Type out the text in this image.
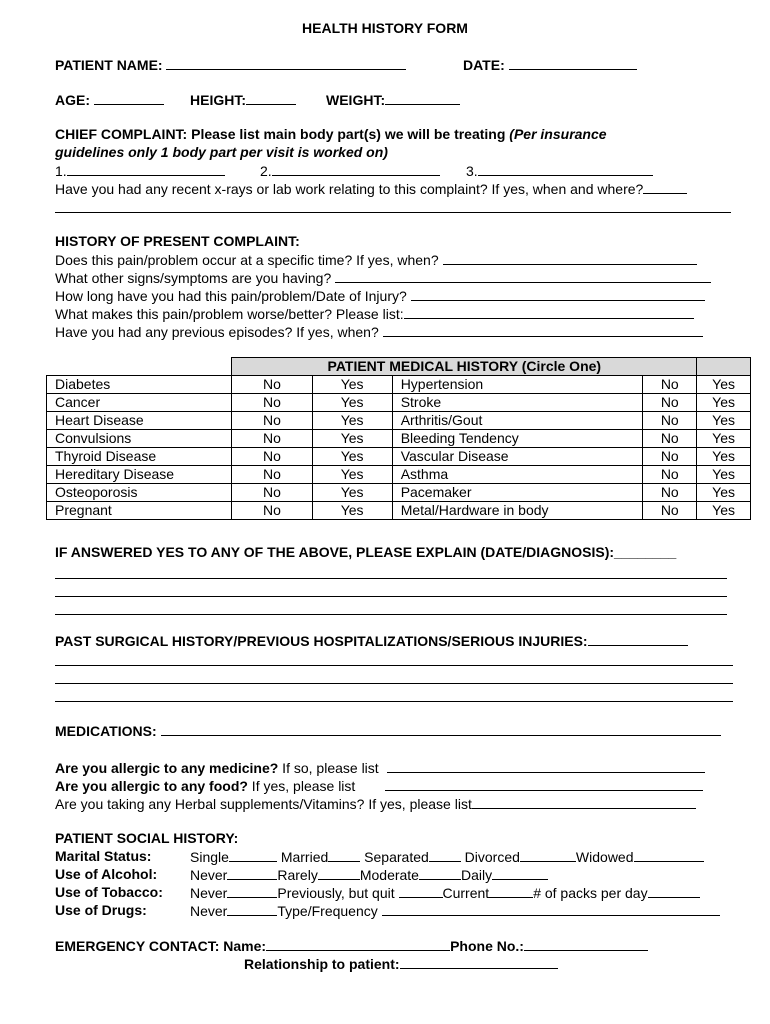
HEALTH HISTORY FORM
PATIENT NAME:	DATE:
AGE:	HEIGHT:	WEIGHT:
CHIEF COMPLAINT: Please list main body part(s) we will be treating (Per insurance
guidelines only 1 body part per visit is worked on)
1.	2.	3.
Have you had any recent x-rays or lab work relating to this complaint? If yes, when and where?
HISTORY OF PRESENT COMPLAINT:
Does this pain/problem occur at a specific time? If yes, when?
What other signs/symptoms are you having?
How long have you had this pain/problem/Date of Injury?
What makes this pain/problem worse/better? Please list:
Have you had any previous episodes? If yes, when?
	PATIENT MEDICAL HISTORY (Circle One)				
Diabetes	No	Yes	Hypertension	No	Yes
Cancer	No	Yes	Stroke	No	Yes
Heart Disease	No	Yes	Arthritis/Gout	No	Yes
Convulsions	No	Yes	Bleeding Tendency	No	Yes
Thyroid Disease	No	Yes	Vascular Disease	No	Yes
Hereditary Disease	No	Yes	Asthma	No	Yes
Osteoporosis	No	Yes	Pacemaker	No	Yes
Pregnant	No	Yes	Metal/Hardware in body	No	Yes
IF ANSWERED YES TO ANY OF THE ABOVE, PLEASE EXPLAIN (DATE/DIAGNOSIS):________
PAST SURGICAL HISTORY/PREVIOUS HOSPITALIZATIONS/SERIOUS INJURIES:
MEDICATIONS:
Are you allergic to any medicine? If so, please list
Are you allergic to any food? If yes, please list
Are you taking any Herbal supplements/Vitamins? If yes, please list
PATIENT SOCIAL HISTORY:
Marital Status:	Single	Married	Separated	Divorced	Widowed
Use of Alcohol: Never	Rarely	Moderate	Daily
Use of Tobacco: Never	Previously, but quit	Current	# of packs per day
Use of Drugs:	Never	Type/Frequency
EMERGENCY CONTACT: Name:	Phone No.:
Relationship to patient:
